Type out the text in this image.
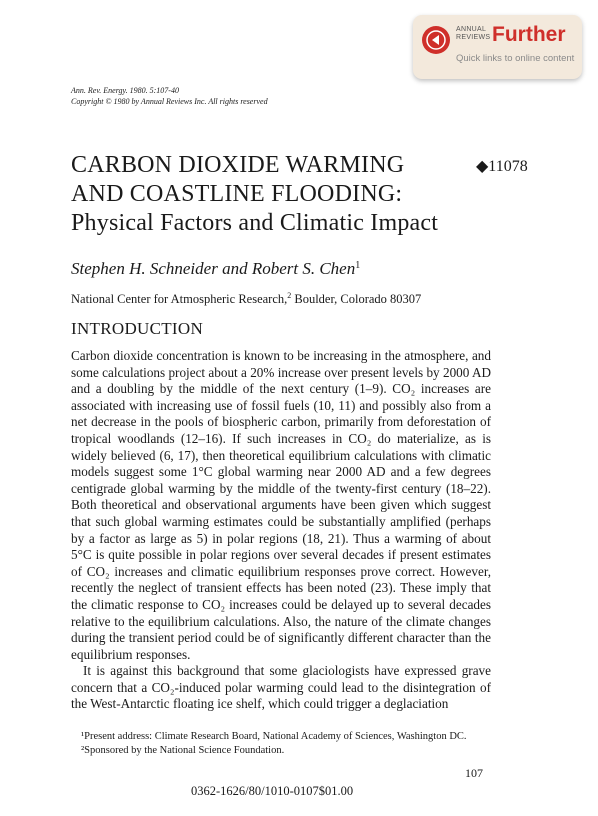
ANNUAL
REVIEWS Further
Quick links to online content
Ann. Rev. Energy. 1980. 5:107-40
Copyright © 1980 by Annual Reviews Inc. All rights reserved
CARBON DIOXIDE WARMING
AND COASTLINE FLOODING:
Physical Factors and Climatic Impact
◆11078
Stephen H. Schneider and Robert S. Chen$^1$
National Center for Atmospheric Research,$^2$ Boulder, Colorado 80307
INTRODUCTION

Carbon dioxide concentration is known to be increasing in the atmosphere, and some calculations project about a 20% increase over present levels by 2000 AD and a doubling by the middle of the next century (1–9). CO₂ increases are associated with increasing use of fossil fuels (10, 11) and possibly also from a net decrease in the pools of biospheric carbon, primarily from deforestation of tropical woodlands (12–16). If such increases in CO₂ do materialize, as is widely believed (6, 17), then theoretical equilibrium calculations with climatic models suggest some 1°C global warming near 2000 AD and a few degrees centigrade global warming by the middle of the twenty-first century (18–22). Both theoretical and observational arguments have been given which suggest that such global warming estimates could be substantially amplified (perhaps by a factor as large as 5) in polar regions (18, 21). Thus a warming of about 5°C is quite possible in polar regions over several decades if present estimates of CO₂ increases and climatic equilibrium responses prove correct. However, recently the neglect of transient effects has been noted (23). These imply that the climatic response to CO₂ increases could be delayed up to several decades relative to the equilibrium calculations. Also, the nature of the climate changes during the transient period could be of significantly different character than the equilibrium responses.

It is against this background that some glaciologists have expressed grave concern that a CO₂-induced polar warming could lead to the disintegration of the West-Antarctic floating ice shelf, which could trigger a deglaciation

¹Present address: Climate Research Board, National Academy of Sciences, Washington DC.
²Sponsored by the National Science Foundation.
107
0362-1626/80/1010-0107$01.00
